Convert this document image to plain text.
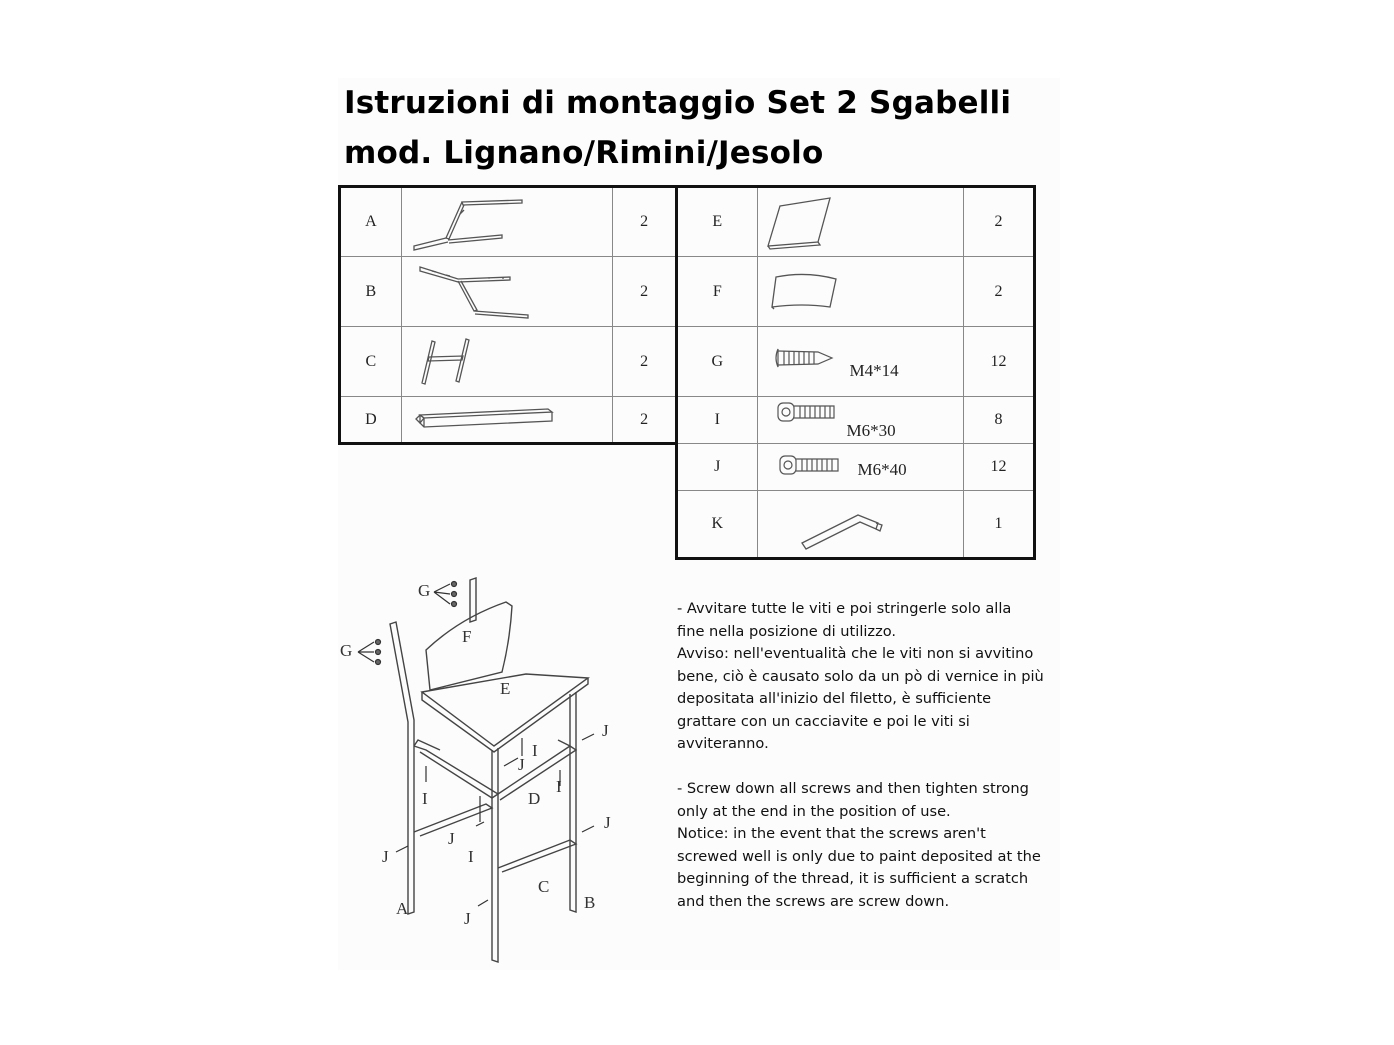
Istruzioni di montaggio Set 2 Sgabelli
mod. Lignano/Rimini/Jesolo
A		2
B		2
C		2
D		2
E		2
F		2
G	M4*14	12
I	M6*30	8
J	M6*40	12
K		1
G
G
F
E
I
J
J
I
I	D
J
J
I
J
C
A	B
J

- Avvitare tutte le viti e poi stringerle solo alla

fine nella posizione di utilizzo.

Avviso: nell'eventualità che le viti non si avvitino

bene, ciò è causato solo da un pò di vernice in più

depositata all'inizio del filetto, è sufficiente

grattare con un cacciavite e poi le viti si

avviteranno.

- Screw down all screws and then tighten strong

only at the end in the position of use.

Notice: in the event that the screws aren't

screwed well is only due to paint deposited at the

beginning of the thread, it is sufficient a scratch

and then the screws are screw down.
